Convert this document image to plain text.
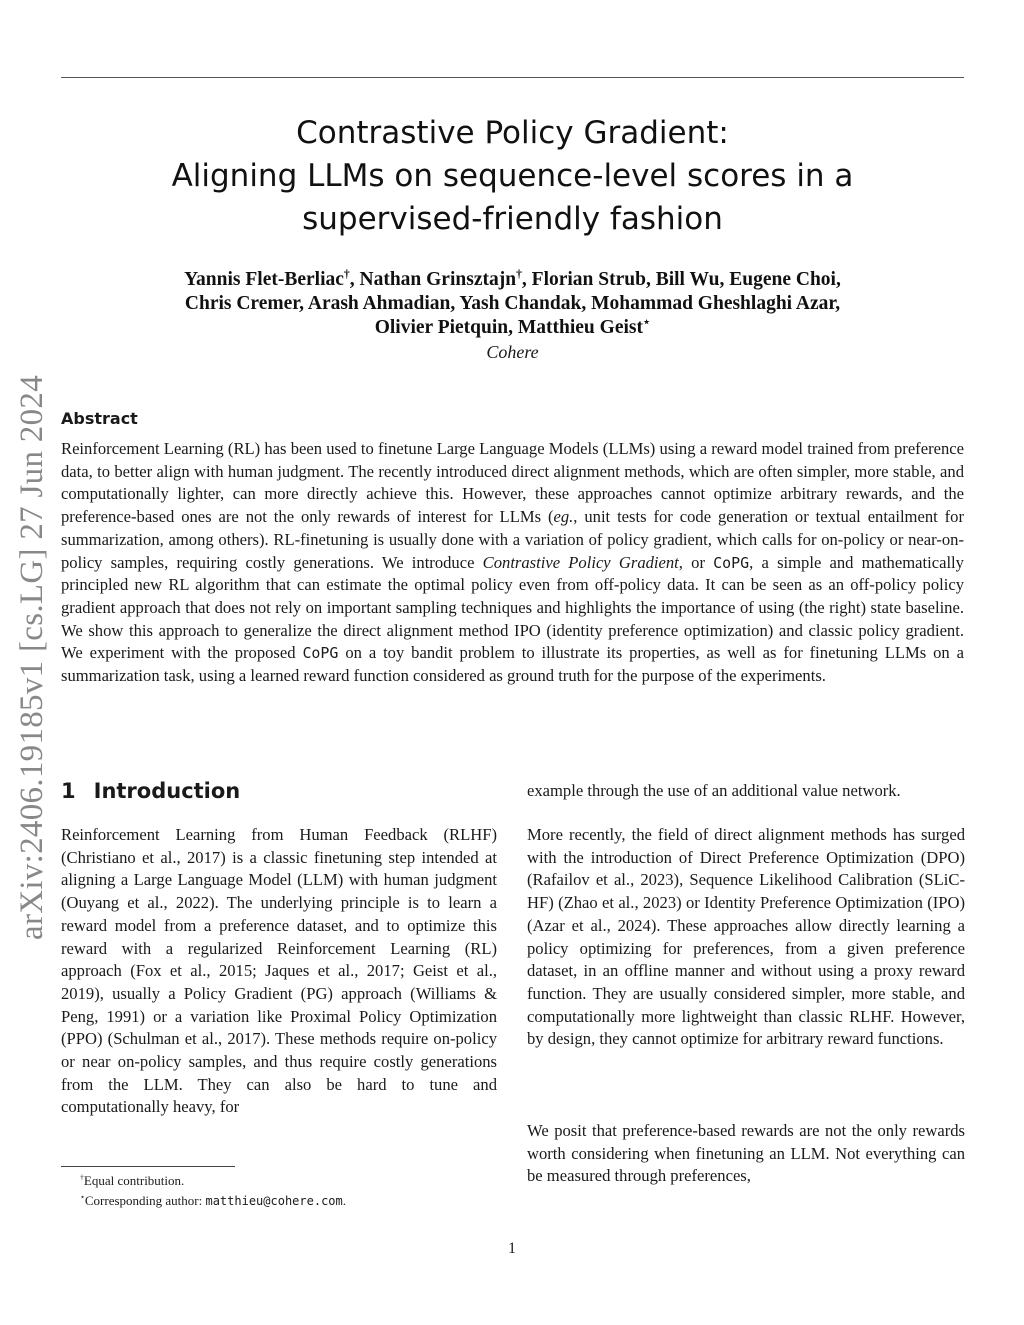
arXiv:2406.19185v1 [cs.LG] 27 Jun 2024
Contrastive Policy Gradient:
Aligning LLMs on sequence-level scores in a
supervised-friendly fashion
Yannis Flet-Berliac†, Nathan Grinsztajn†, Florian Strub, Bill Wu, Eugene Choi,
Chris Cremer, Arash Ahmadian, Yash Chandak, Mohammad Gheshlaghi Azar,
Olivier Pietquin, Matthieu Geist⋆
Cohere
Abstract
Reinforcement Learning (RL) has been used to finetune Large Language Models (LLMs) using a reward model trained from preference data, to better align with human judgment. The recently introduced direct alignment methods, which are often simpler, more stable, and computationally lighter, can more directly achieve this. However, these approaches cannot optimize arbitrary rewards, and the preference-based ones are not the only rewards of interest for LLMs (eg., unit tests for code generation or textual entailment for summarization, among others). RL-finetuning is usually done with a variation of policy gradient, which calls for on-policy or near-on-policy samples, requiring costly generations. We introduce Contrastive Policy Gradient, or CoPG, a simple and mathematically principled new RL algorithm that can estimate the optimal policy even from off-policy data. It can be seen as an off-policy policy gradient approach that does not rely on important sampling techniques and highlights the importance of using (the right) state baseline. We show this approach to generalize the direct alignment method IPO (identity preference optimization) and classic policy gradient. We experiment with the proposed CoPG on a toy bandit problem to illustrate its properties, as well as for finetuning LLMs on a summarization task, using a learned reward function considered as ground truth for the purpose of the experiments.
1 Introduction

Reinforcement Learning from Human Feedback (RLHF) (Christiano et al., 2017) is a classic finetuning step intended at aligning a Large Language Model (LLM) with human judgment (Ouyang et al., 2022). The underlying principle is to learn a reward model from a preference dataset, and to optimize this reward with a regularized Reinforcement Learning (RL) approach (Fox et al., 2015; Jaques et al., 2017; Geist et al., 2019), usually a Policy Gradient (PG) approach (Williams & Peng, 1991) or a variation like Proximal Policy Optimization (PPO) (Schulman et al., 2017). These methods require on-policy or near on-policy samples, and thus require costly generations from the LLM. They can also be hard to tune and computationally heavy, for

example through the use of an additional value network.

More recently, the field of direct alignment methods has surged with the introduction of Direct Preference Optimization (DPO) (Rafailov et al., 2023), Sequence Likelihood Calibration (SLiC-HF) (Zhao et al., 2023) or Identity Preference Optimization (IPO) (Azar et al., 2024). These approaches allow directly learning a policy optimizing for preferences, from a given preference dataset, in an offline manner and without using a proxy reward function. They are usually considered simpler, more stable, and computationally more lightweight than classic RLHF. However, by design, they cannot optimize for arbitrary reward functions.

We posit that preference-based rewards are not the only rewards worth considering when finetuning an LLM. Not everything can be measured through preferences,

†Equal contribution.
⋆Corresponding author: matthieu@cohere.com.
1
